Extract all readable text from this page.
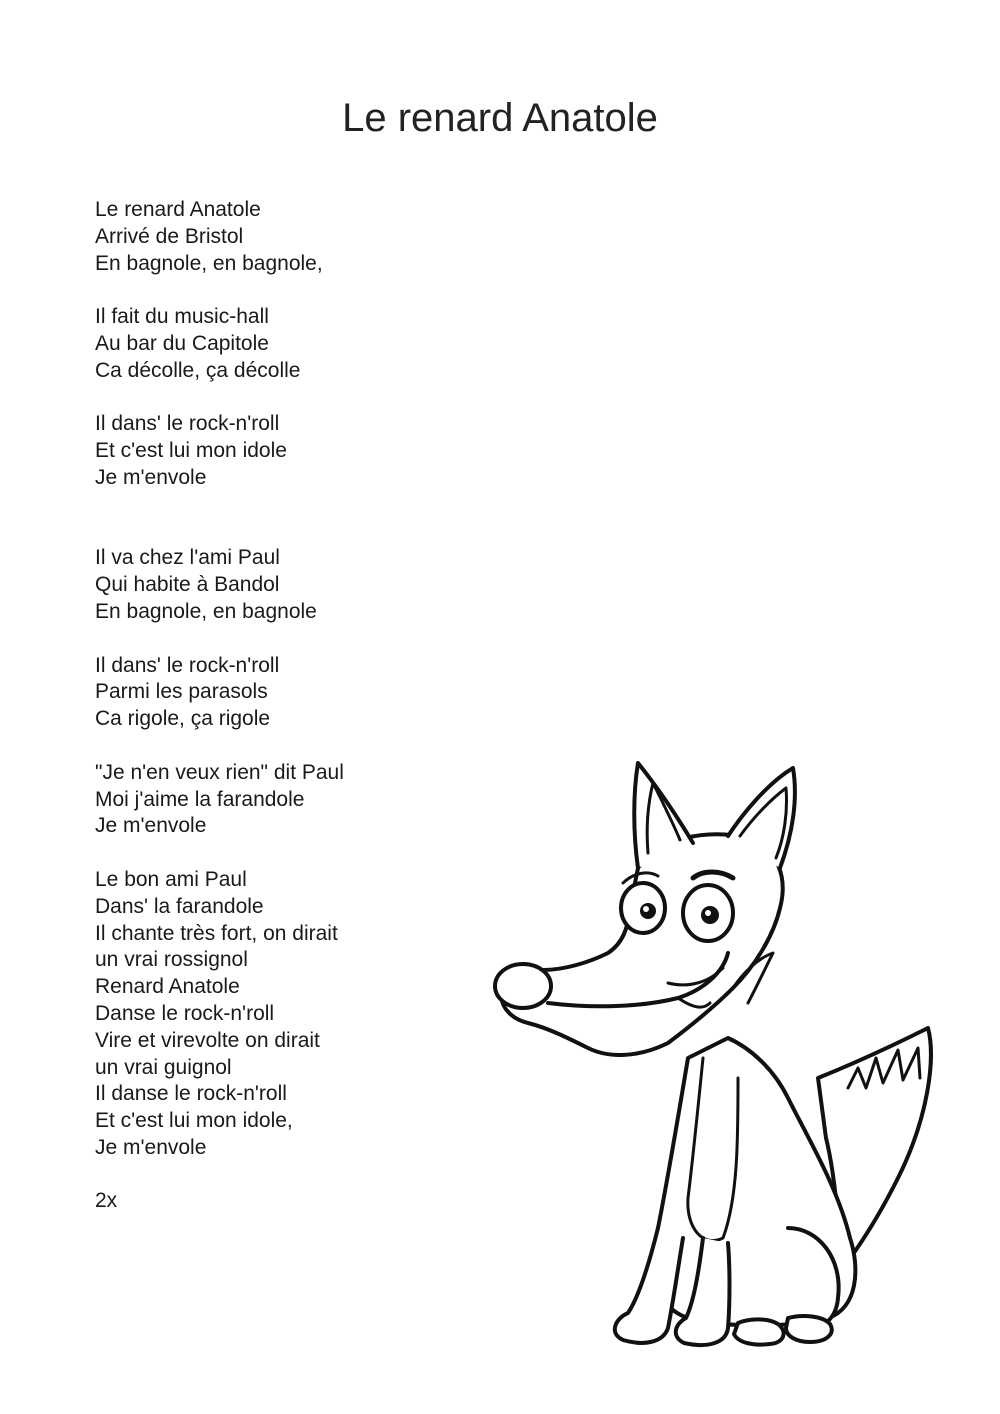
Le renard Anatole
Le renard Anatole
Arrivé de Bristol
En bagnole, en bagnole,
Il fait du music-hall
Au bar du Capitole
Ca décolle, ça décolle
Il dans' le rock-n'roll
Et c'est lui mon idole
Je m'envole
Il va chez l'ami Paul
Qui habite à Bandol
En bagnole, en bagnole
Il dans' le rock-n'roll
Parmi les parasols
Ca rigole, ça rigole
"Je n'en veux rien" dit Paul
Moi j'aime la farandole
Je m'envole
Le bon ami Paul
Dans' la farandole
Il chante très fort, on dirait
un vrai rossignol
Renard Anatole
Danse le rock-n'roll
Vire et virevolte on dirait
un vrai guignol
Il danse le rock-n'roll
Et c'est lui mon idole,
Je m'envole
2x
